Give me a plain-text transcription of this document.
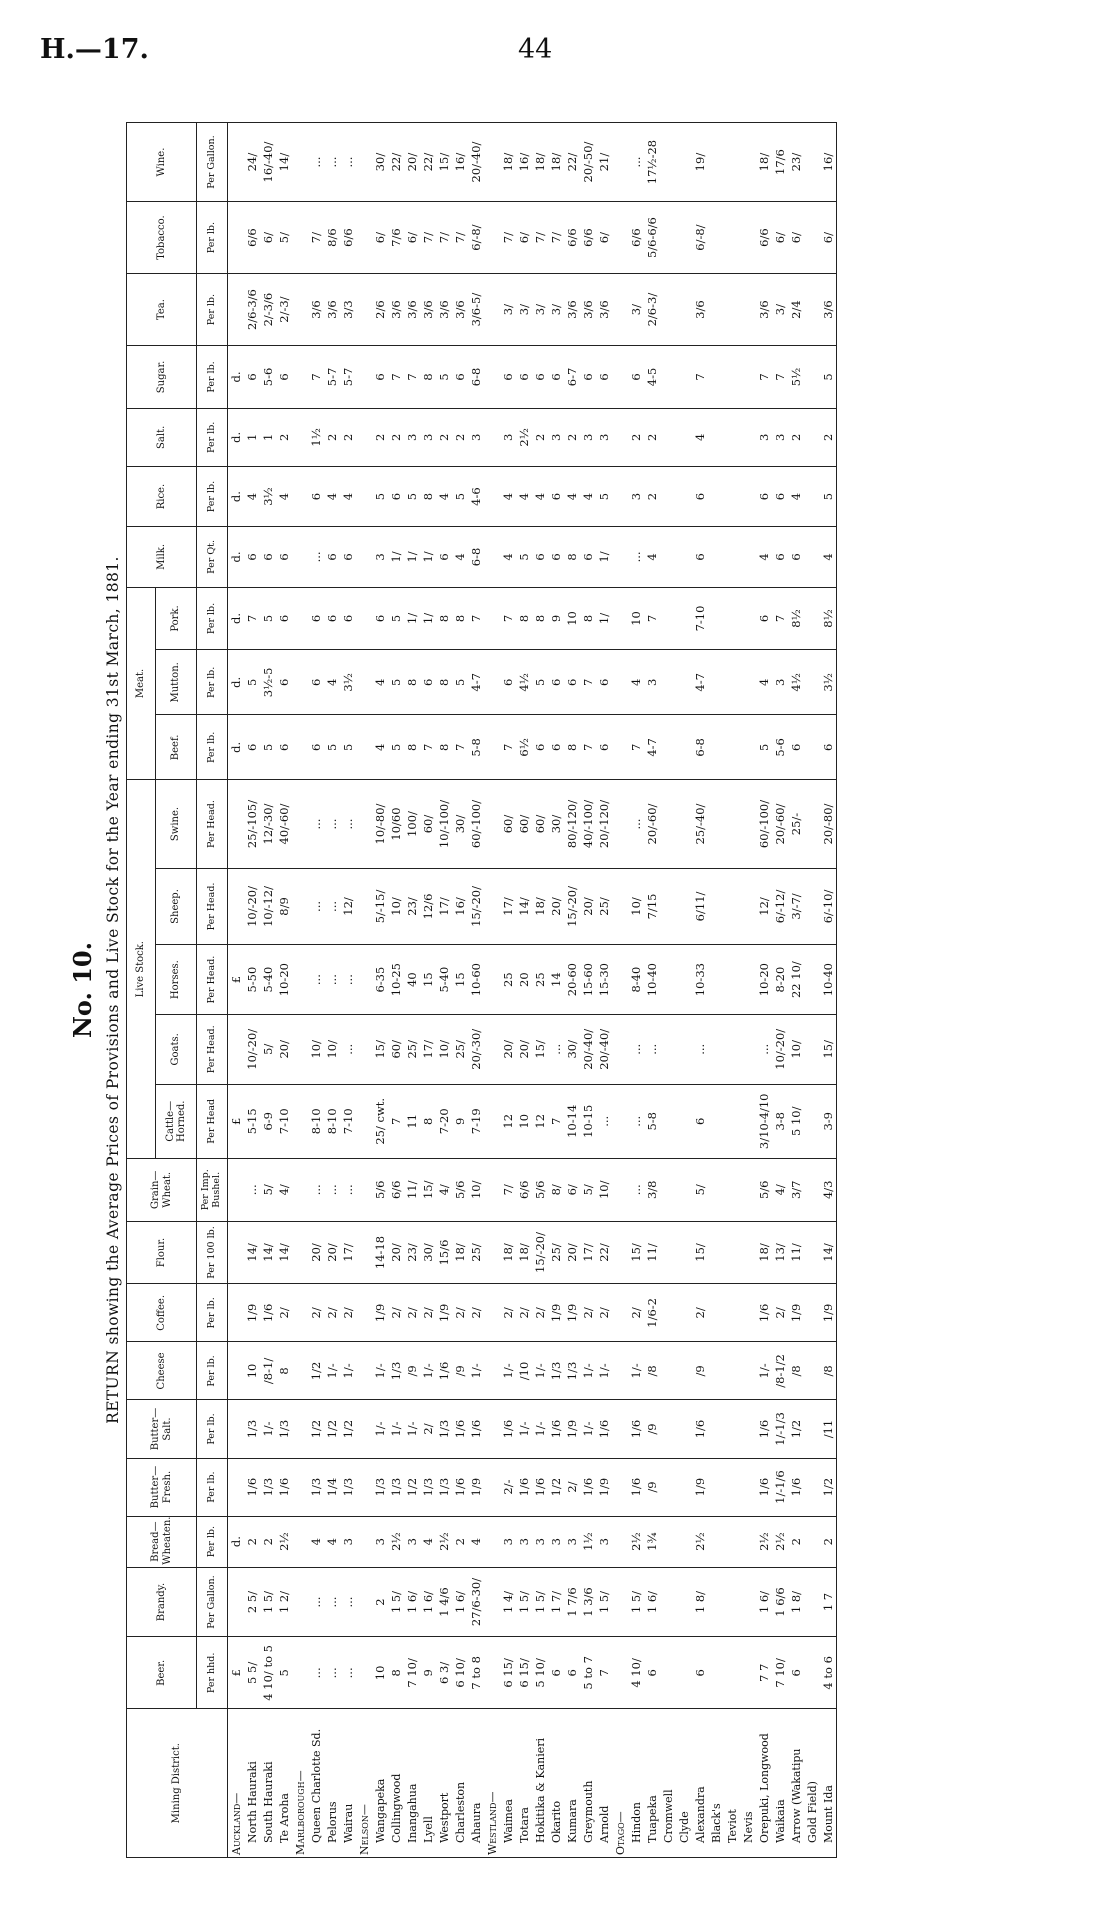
H.—17.	44
No. 10. RETURN showing the Average Prices of Provisions and Live Stock for the Year ending 31st March, 1881.
Mining District.	Beer.	Brandy.	Bread—Wheaten.	Butter—Fresh.	Butter—Salt.	Cheese	Coffee.	Flour.	Grain—Wheat.	Live Stock.					Meat.			Milk.	Rice.	Salt.	Sugar.	Tea.	Tobacco.	Wine.
										Cattle—Horned.	Goats.	Horses.	Sheep.	Swine.	Beef.	Mutton.	Pork.							
	Per hhd.	Per Gallon.	Per lb.	Per lb.	Per lb.	Per lb.	Per lb.	Per 100 lb.	Per Imp. Bushel.	Per Head	Per Head.	Per Head.	Per Head.	Per Head.	Per lb.	Per lb.	Per lb.	Per Qt.	Per lb.	Per lb.	Per lb.	Per lb.	Per lb.	Per Gallon.
Auckland—	£		d.							£		£			d.	d.	d.	d.	d.	d.	d.			
North Hauraki	5 5/	2 5/	2	1/6	1/3	10	1/9	14/	...	5-15	10/-20/	5-50	10/-20/	25/-105/	6	5	7	6	4	1	6	2/6-3/6	6/6	24/
South Hauraki	4 10/ to 5	1 5/	2	1/3	1/-	/8-1/	1/6	14/	5/	6-9	5/	5-40	10/-12/	12/-30/	5	3½-5	5	6	3½	1	5-6	2/-3/6	6/	16/-40/
Te Aroha	5	1 2/	2½	1/6	1/3	8	2/	14/	4/	7-10	20/	10-20	8/9	40/-60/	6	6	6	6	4	2	6	2/-3/	5/	14/
Marlborough—																								
Queen Charlotte Sd.	...	...	4	1/3	1/2	1/2	2/	20/	...	8-10	10/	...	...	...	6	6	6	...	6	1½	7	3/6	7/	...
Pelorus	...	...	4	1/4	1/2	1/-	2/	20/	...	8-10	10/	...	...	...	5	4	6	6	4	2	5-7	3/6	8/6	...
Wairau	...	...	3	1/3	1/2	1/-	2/	17/	...	7-10	...	...	12/	...	5	3½	6	6	4	2	5-7	3/3	6/6	...
Nelson—																								
Wangapeka	10	2	3	1/3	1/-	1/-	1/9	14-18	5/6	25/ cwt.	15/	6-35	5/-15/	10/-80/	4	4	6	3	5	2	6	2/6	6/	30/
Collingwood	8	1 5/	2½	1/3	1/-	1/3	2/	20/	6/6	7	60/	10-25	10/	10/60	5	5	5	1/	6	2	7	3/6	7/6	22/
Inangahua	7 10/	1 6/	3	1/2	1/-	/9	2/	23/	11/	11	25/	40	23/	100/	8	8	1/	1/	5	3	7	3/6	6/	20/
Lyell	9	1 6/	4	1/3	2/	1/-	2/	30/	15/	8	17/	15	12/6	60/	7	6	1/	1/	8	3	8	3/6	7/	22/
Westport	6 3/	1 4/6	2½	1/3	1/3	1/6	1/9	15/6	4/	7-20	10/	5-40	17/	10/-100/	8	8	8	6	4	2	5	3/6	7/	15/
Charleston	6 10/	1 6/	2	1/6	1/6	/9	2/	18/	5/6	9	25/	15	16/	30/	7	5	8	4	5	2	6	3/6	7/	16/
Ahaura	7 to 8	27/6-30/	4	1/9	1/6	1/-	2/	25/	10/	7-19	20/-30/	10-60	15/-20/	60/-100/	5-8	4-7	7	6-8	4-6	3	6-8	3/6-5/	6/-8/	20/-40/
Westland—																								
Waimea	6 15/	1 4/	3	2/-	1/6	1/-	2/	18/	7/	12	20/	25	17/	60/	7	6	7	4	4	3	6	3/	7/	18/
Totara	6 15/	1 5/	3	1/6	1/-	/10	2/	18/	6/6	10	20/	20	14/	60/	6½	4½	8	5	4	2½	6	3/	6/	16/
Hokitika & Kanieri	5 10/	1 5/	3	1/6	1/-	1/-	2/	15/-20/	5/6	12	15/	25	18/	60/	6	5	8	6	4	2	6	3/	7/	18/
Okarito	6	1 7/	3	1/2	1/6	1/3	1/9	25/	8/	7	...	14	20/	30/	6	6	9	6	6	3	6	3/	7/	18/
Kumara	6	1 7/6	3	2/	1/9	1/3	1/9	20/	6/	10-14	30/	20-60	15/-20/	80/-120/	8	6	10	8	4	2	6-7	3/6	6/6	22/
Greymouth	5 to 7	1 3/6	1½	1/6	1/-	1/-	2/	17/	5/	10-15	20/-40/	15-60	20/	40/-100/	7	7	8	6	4	3	6	3/6	6/6	20/-50/
Arnold	7	1 5/	3	1/9	1/6	1/-	2/	22/	10/	...	20/-40/	15-30	25/	20/-120/	6	6	1/	1/	5	3	6	3/6	6/	21/
Otago—																								
Hindon	4 10/	1 5/	2½	1/6	1/6	1/-	2/	15/	...	...	...	8-40	10/	...	7	4	10	...	3	2	6	3/	6/6	...
Tuapeka	6	1 6/	1¾	/9	/9	/8	1/6-2	11/	3/8	5-8	...	10-40	7/15	20/-60/	4-7	3	7	4	2	2	4-5	2/6-3/	5/6-6/6	17½-28
Cromwell																								
Clyde																								
Alexandra	6	1 8/	2½	1/9	1/6	/9	2/	15/	5/	6	...	10-33	6/11/	25/-40/	6-8	4-7	7-10	6	6	4	7	3/6	6/-8/	19/
Black's																								
Teviot																								
Nevis																								
Orepuki, Longwood	7 7	1 6/	2½	1/6	1/6	1/-	1/6	18/	5/6	3/10-4/10	...	10-20	12/	60/-100/	5	4	6	4	6	3	7	3/6	6/6	18/
Waikaia	7 10/	1 6/6	2½	1/-1/6	1/-1/3	/8-1/2	2/	13/	4/	3-8	10/-20/	8-20	6/-12/	20/-60/	5-6	3	7	6	6	3	7	3/	6/	17/6
Arrow (Wakatipu	6	1 8/	2	1/6	1/2	/8	1/9	11/	3/7	5 10/	10/	22 10/	3/-7/	25/-	6	4½	8½	6	4	2	5½	2/4	6/	23/
Gold Field)																								
Mount Ida	4 to 6	1 7	2	1/2	/11	/8	1/9	14/	4/3	3-9	15/	10-40	6/-10/	20/-80/	6	3½	8½	4	5	2	5	3/6	6/	16/
